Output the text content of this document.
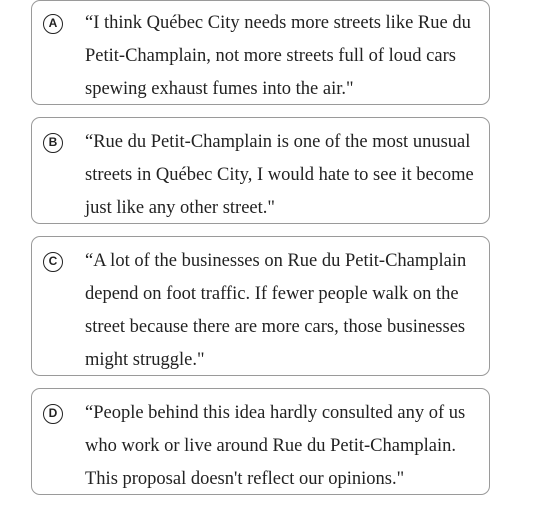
A	“I think Québec City needs more streets like Rue du
Petit-Champlain, not more streets full of loud cars
spewing exhaust fumes into the air."
B	“Rue du Petit-Champlain is one of the most unusual
streets in Québec City, I would hate to see it become
just like any other street."
C	“A lot of the businesses on Rue du Petit-Champlain
depend on foot traffic. If fewer people walk on the
street because there are more cars, those businesses
might struggle."
D	“People behind this idea hardly consulted any of us
who work or live around Rue du Petit-Champlain.
This proposal doesn't reflect our opinions."
